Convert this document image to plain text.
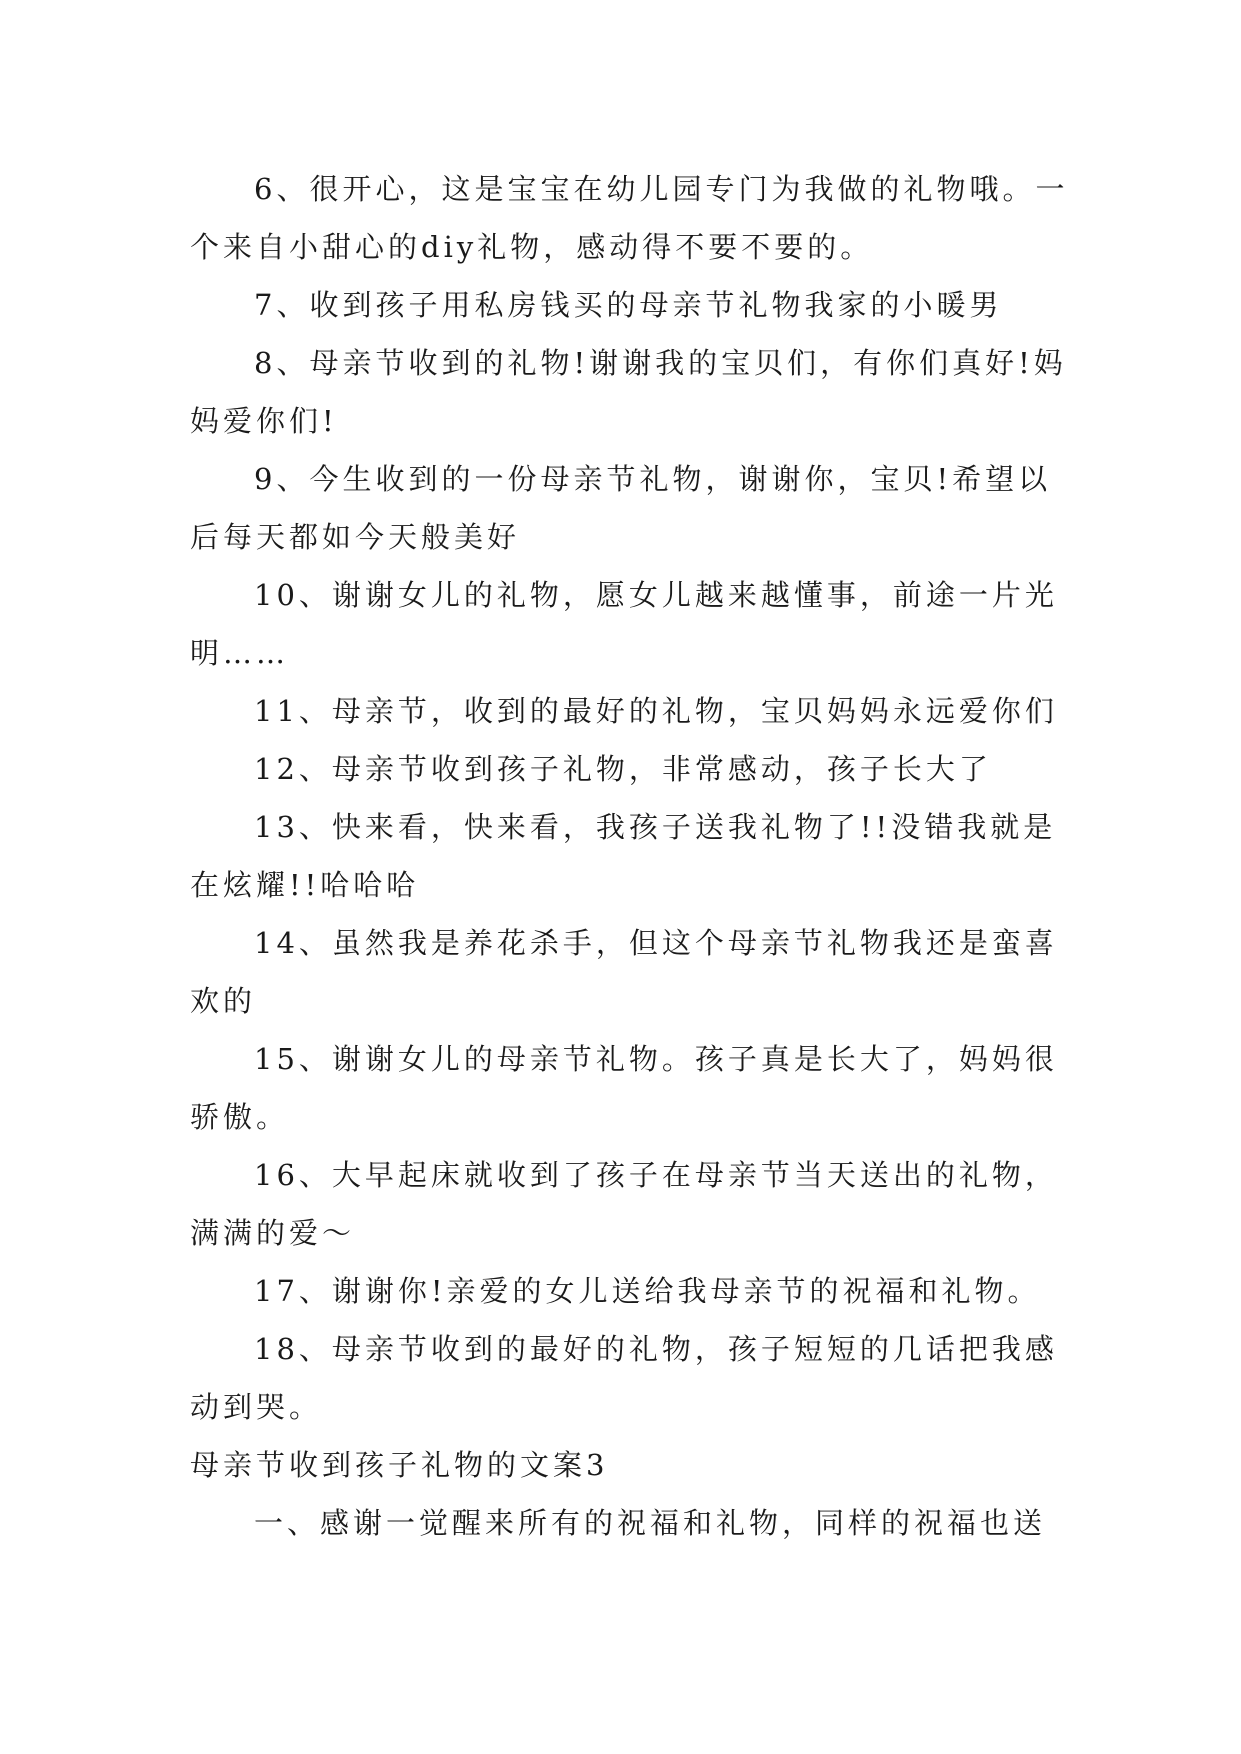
6、很开心，这是宝宝在幼儿园专门为我做的礼物哦。一个来自小甜心的diy礼物，感动得不要不要的。

7、收到孩子用私房钱买的母亲节礼物我家的小暖男

8、母亲节收到的礼物!谢谢我的宝贝们，有你们真好!妈妈爱你们!

9、今生收到的一份母亲节礼物，谢谢你，宝贝!希望以后每天都如今天般美好

10、谢谢女儿的礼物，愿女儿越来越懂事，前途一片光明……

11、母亲节，收到的最好的礼物，宝贝妈妈永远爱你们

12、母亲节收到孩子礼物，非常感动，孩子长大了

13、快来看，快来看，我孩子送我礼物了!!没错我就是在炫耀!!哈哈哈

14、虽然我是养花杀手，但这个母亲节礼物我还是蛮喜欢的

15、谢谢女儿的母亲节礼物。孩子真是长大了，妈妈很骄傲。

16、大早起床就收到了孩子在母亲节当天送出的礼物，满满的爱～

17、谢谢你!亲爱的女儿送给我母亲节的祝福和礼物。

18、母亲节收到的最好的礼物，孩子短短的几话把我感动到哭。

母亲节收到孩子礼物的文案3

一、感谢一觉醒来所有的祝福和礼物，同样的祝福也送
